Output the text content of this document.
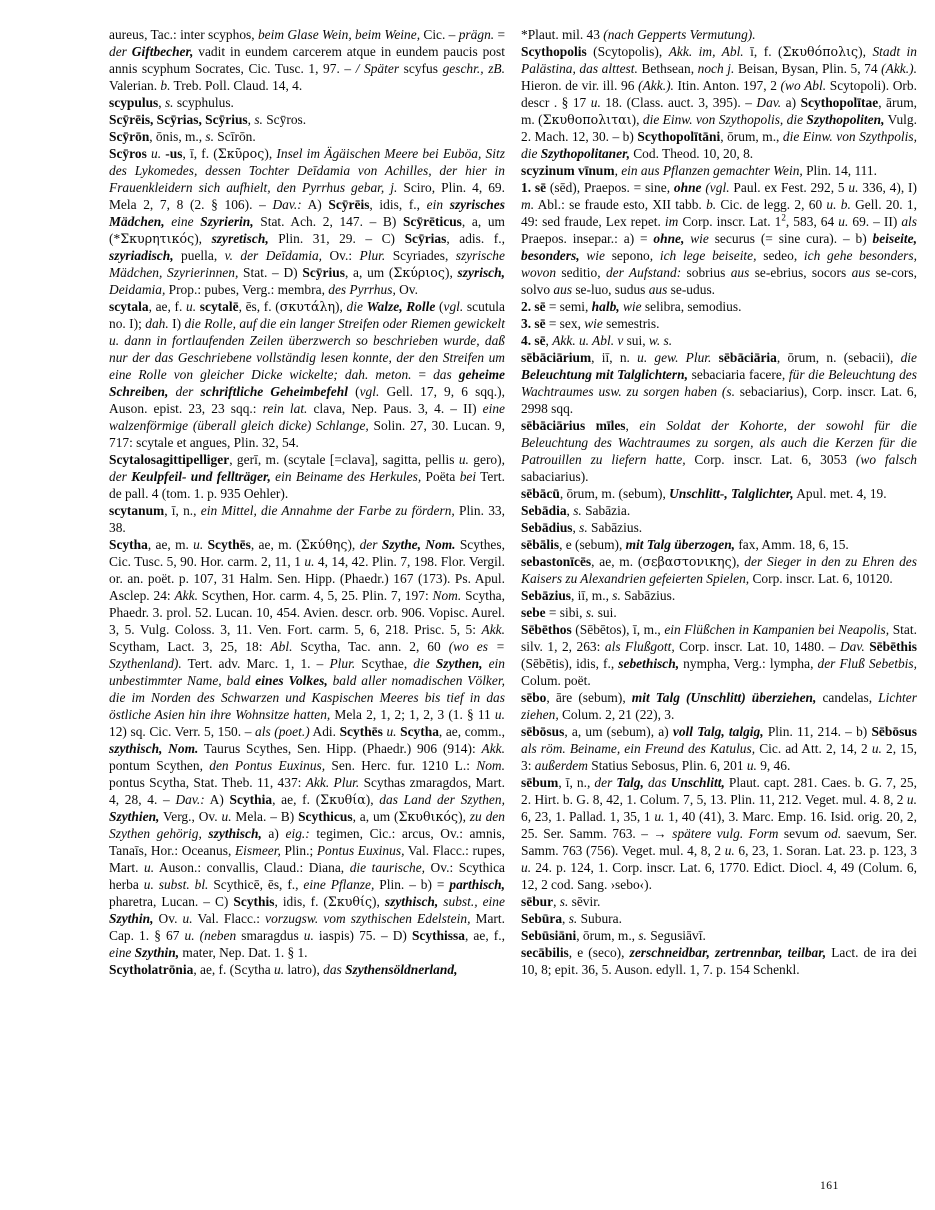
aureus, Tac.: inter scyphos, beim Glase Wein, beim Weine, Cic. – prägn. = der Giftbecher, vadit in eundem carcerem atque in eundem paucis post annis scyphum Socrates, Cic. Tusc. 1, 97. – / Später scyfus geschr., zB. Valerian. b. Treb. Poll. Claud. 14, 4.

scypulus, s. scyphulus.

Scȳrēis, Scȳrias, Scȳrius, s. Scȳros.

Scȳrōn, ōnis, m., s. Scīrōn.

Scȳros u. -us, ī, f. (Σκῦρος), Insel im Ägäischen Meere bei Euböa, Sitz des Lykomedes, dessen Tochter Deīdamia von Achilles, der hier in Frauenkleidern sich aufhielt, den Pyrrhus gebar, j. Sciro, Plin. 4, 69. Mela 2, 7, 8 (2. § 106). – Dav.: A) Scȳrēis, idis, f., ein szyrisches Mädchen, eine Szyrierin, Stat. Ach. 2, 147. – B) Scȳrēticus, a, um (*Σκυρητικός), szyretisch, Plin. 31, 29. – C) Scȳrias, adis. f., szyriadisch, puella, v. der Deīdamia, Ov.: Plur. Scyriades, szyrische Mädchen, Szyrierinnen, Stat. – D) Scȳrius, a, um (Σκύριος), szyrisch, Deidamia, Prop.: pubes, Verg.: membra, des Pyrrhus, Ov.

scytala, ae, f. u. scytalē, ēs, f. (σκυτάλη), die Walze, Rolle (vgl. scutula no. I); dah. I) die Rolle, auf die ein langer Streifen oder Riemen gewickelt u. dann in fortlaufenden Zeilen überzwerch so beschrieben wurde, daß nur der das Geschriebene vollständig lesen konnte, der den Streifen um eine Rolle von gleicher Dicke wickelte; dah. meton. = das geheime Schreiben, der schriftliche Geheimbefehl (vgl. Gell. 17, 9, 6 sqq.), Auson. epist. 23, 23 sqq.: rein lat. clava, Nep. Paus. 3, 4. – II) eine walzenförmige (überall gleich dicke) Schlange, Solin. 27, 30. Lucan. 9, 717: scytale et angues, Plin. 32, 54.

Scytalosagittipelliger, gerī, m. (scytale [=clava], sagitta, pellis u. gero), der Keulpfeil- und fellträger, ein Beiname des Herkules, Poëta bei Tert. de pall. 4 (tom. 1. p. 935 Oehler).

scytanum, ī, n., ein Mittel, die Annahme der Farbe zu fördern, Plin. 33, 38.

Scytha, ae, m. u. Scythēs, ae, m. (Σκύθης), der Szythe, Nom. Scythes, Cic. Tusc. 5, 90. Hor. carm. 2, 11, 1 u. 4, 14, 42. Plin. 7, 198. Flor. Vergil. or. an. poët. p. 107, 31 Halm. Sen. Hipp. (Phaedr.) 167 (173). Ps. Apul. Asclep. 24: Akk. Scythen, Hor. carm. 4, 5, 25. Plin. 7, 197: Nom. Scytha, Phaedr. 3. prol. 52. Lucan. 10, 454. Avien. descr. orb. 906. Vopisc. Aurel. 3, 5. Vulg. Coloss. 3, 11. Ven. Fort. carm. 5, 6, 218. Prisc. 5, 5: Akk. Scytham, Lact. 3, 25, 18: Abl. Scytha, Tac. ann. 2, 60 (wo es = Szythenland). Tert. adv. Marc. 1, 1. – Plur. Scythae, die Szythen, ein unbestimmter Name, bald eines Volkes, bald aller nomadischen Völker, die im Norden des Schwarzen und Kaspischen Meeres bis tief in das östliche Asien hin ihre Wohnsitze hatten, Mela 2, 1, 2; 1, 2, 3 (1. § 11 u. 12) sq. Cic. Verr. 5, 150. – als (poet.) Adi. Scythēs u. Scytha, ae, comm., szythisch, Nom. Taurus Scythes, Sen. Hipp. (Phaedr.) 906 (914): Akk. pontum Scythen, den Pontus Euxinus, Sen. Herc. fur. 1210 L.: Nom. pontus Scytha, Stat. Theb. 11, 437: Akk. Plur. Scythas zmaragdos, Mart. 4, 28, 4. – Dav.: A) Scythia, ae, f. (Σκυθία), das Land der Szythen, Szythien, Verg., Ov. u. Mela. – B) Scythicus, a, um (Σκυθικός), zu den Szythen gehörig, szythisch, a) eig.: tegimen, Cic.: arcus, Ov.: amnis, Tanaīs, Hor.: Oceanus, Eismeer, Plin.; Pontus Euxinus, Val. Flacc.: rupes, Mart. u. Auson.: convallis, Claud.: Diana, die taurische, Ov.: Scythica herba u. subst. bl. Scythicē, ēs, f., eine Pflanze, Plin. – b) = parthisch, pharetra, Lucan. – C) Scythis, idis, f. (Σκυθίς), szythisch, subst., eine Szythin, Ov. u. Val. Flacc.: vorzugsw. vom szythischen Edelstein, Mart. Cap. 1. § 67 u. (neben smaragdus u. iaspis) 75. – D) Scythissa, ae, f., eine Szythin, mater, Nep. Dat. 1. § 1.

Scytholatrōnia, ae, f. (Scytha u. latro), das Szythensöldnerland,

*Plaut. mil. 43 (nach Gepperts Vermutung).

Scythopolis (Scytopolis), Akk. im, Abl. ī, f. (Σκυθόπολις), Stadt in Palästina, das alttest. Bethsean, noch j. Beisan, Bysan, Plin. 5, 74 (Akk.). Hieron. de vir. ill. 96 (Akk.). Itin. Anton. 197, 2 (wo Abl. Scytopoli). Orb. descr . § 17 u. 18. (Class. auct. 3, 395). – Dav. a) Scythopolītae, ārum, m. (Σκυθοπολιται), die Einw. von Szythopolis, die Szythopoliten, Vulg. 2. Mach. 12, 30. – b) Scythopolītāni, ōrum, m., die Einw. von Szythpolis, die Szythopolitaner, Cod. Theod. 10, 20, 8.

scyzinum vīnum, ein aus Pflanzen gemachter Wein, Plin. 14, 111.

1. sē (sēd), Praepos. = sine, ohne (vgl. Paul. ex Fest. 292, 5 u. 336, 4), I) m. Abl.: se fraude esto, XII tabb. b. Cic. de legg. 2, 60 u. b. Gell. 20. 1, 49: sed fraude, Lex repet. im Corp. inscr. Lat. $1^2$, 583, 64 u. 69. – II) als Praepos. insepar.: a) = ohne, wie securus (= sine cura). – b) beiseite, besonders, wie sepono, ich lege beiseite, sedeo, ich gehe besonders, wovon seditio, der Aufstand: sobrius aus se-ebrius, socors aus se-cors, solvo aus se-luo, sudus aus se-udus.

2. sē = semi, halb, wie selibra, semodius.

3. sē = sex, wie semestris.

4. sē, Akk. u. Abl. v sui, w. s.

sēbāciārium, iī, n. u. gew. Plur. sēbāciāria, ōrum, n. (sebacii), die Beleuchtung mit Talglichtern, sebaciaria facere, für die Beleuchtung des Wachtraumes usw. zu sorgen haben (s. sebaciarius), Corp. inscr. Lat. 6, 2998 sqq.

sēbāciārius mīles, ein Soldat der Kohorte, der sowohl für die Beleuchtung des Wachtraumes zu sorgen, als auch die Kerzen für die Patrouillen zu liefern hatte, Corp. inscr. Lat. 6, 3053 (wo falsch sabaciarius).

sēbācū, ōrum, m. (sebum), Unschlitt-, Talglichter, Apul. met. 4, 19.

Sebādia, s. Sabāzia.

Sebādius, s. Sabāzius.

sēbālis, e (sebum), mit Talg überzogen, fax, Amm. 18, 6, 15.

sebastonīcēs, ae, m. (σεβαστονικης), der Sieger in den zu Ehren des Kaisers zu Alexandrien gefeierten Spielen, Corp. inscr. Lat. 6, 10120.

Sebāzius, iī, m., s. Sabāzius.

sebe = sibi, s. sui.

Sēbēthos (Sēbētos), ī, m., ein Flüßchen in Kampanien bei Neapolis, Stat. silv. 1, 2, 263: als Flußgott, Corp. inscr. Lat. 10, 1480. – Dav. Sēbēthis (Sēbētis), idis, f., sebethisch, nympha, Verg.: lympha, der Fluß Sebetbis, Colum. poët.

sēbo, āre (sebum), mit Talg (Unschlitt) überziehen, candelas, Lichter ziehen, Colum. 2, 21 (22), 3.

sēbōsus, a, um (sebum), a) voll Talg, talgig, Plin. 11, 214. – b) Sēbōsus als röm. Beiname, ein Freund des Katulus, Cic. ad Att. 2, 14, 2 u. 2, 15, 3: außerdem Statius Sebosus, Plin. 6, 201 u. 9, 46.

sēbum, ī, n., der Talg, das Unschlitt, Plaut. capt. 281. Caes. b. G. 7, 25, 2. Hirt. b. G. 8, 42, 1. Colum. 7, 5, 13. Plin. 11, 212. Veget. mul. 4. 8, 2 u. 6, 23, 1. Pallad. 1, 35, 1 u. 1, 40 (41), 3. Marc. Emp. 16. Isid. orig. 20, 2, 25. Ser. Samm. 763. – → spätere vulg. Form sevum od. saevum, Ser. Samm. 763 (756). Veget. mul. 4, 8, 2 u. 6, 23, 1. Soran. Lat. 23. p. 123, 3 u. 24. p. 124, 1. Corp. inscr. Lat. 6, 1770. Edict. Diocl. 4, 49 (Colum. 6, 12, 2 cod. Sang. ›sebo‹).

sēbur, s. sēvir.

Sebūra, s. Subura.

Sebūsiāni, ōrum, m., s. Segusiāvī.

secābilis, e (seco), zerschneidbar, zertrennbar, teilbar, Lact. de ira dei 10, 8; epit. 36, 5. Auson. edyll. 1, 7. p. 154 Schenkl.

161
